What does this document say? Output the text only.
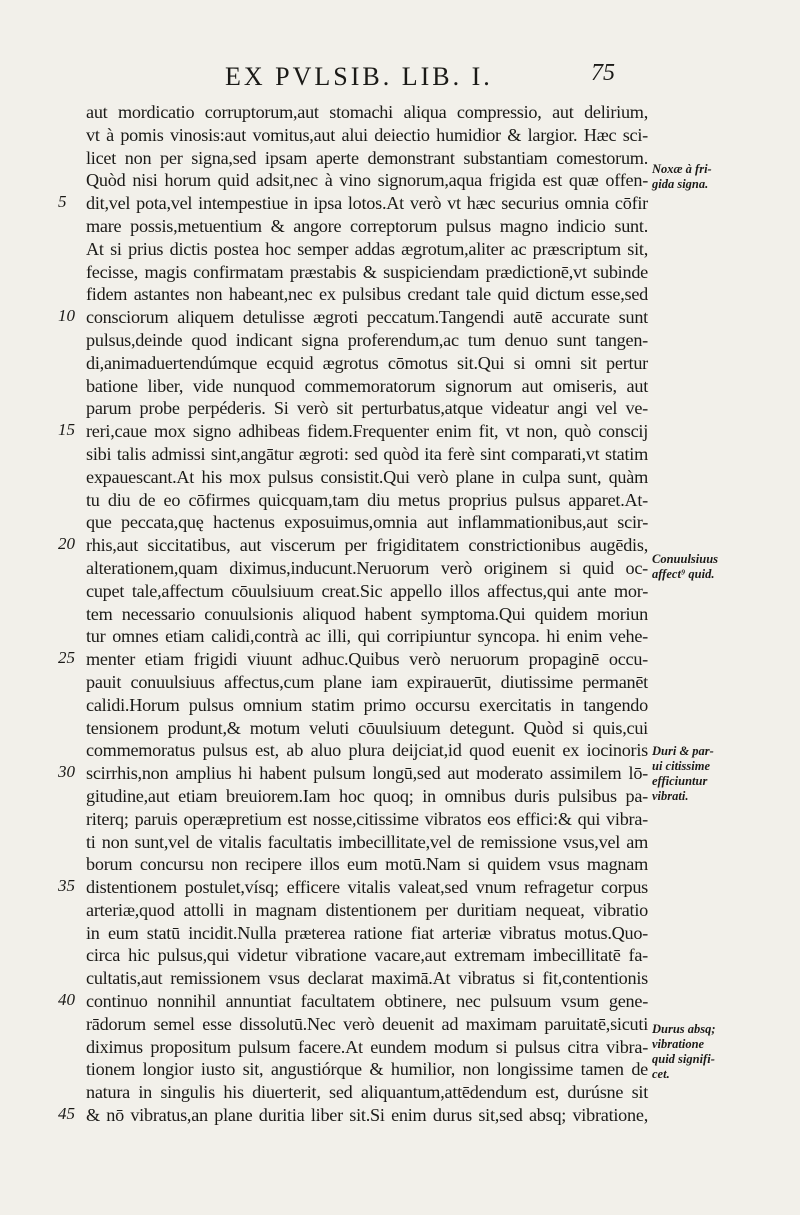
EX PVLSIB. LIB. I.	75
5
10
15
20
25
30
35
40
45
aut mordicatio corruptorum,aut stomachi aliqua compressio, aut delirium,
vt à pomis vinosis:aut vomitus,aut alui deiectio humidior & largior. Hæc sci-
licet non per signa,sed ipsam aperte demonstrant substantiam comestorum.
Quòd nisi horum quid adsit,nec à vino signorum,aqua frigida est quæ offen-
dit,vel pota,vel intempestiue in ipsa lotos.At verò vt hæc securius omnia cōfir
mare possis,metuentium & angore correptorum pulsus magno indicio sunt.
At si prius dictis postea hoc semper addas ægrotum,aliter ac præscriptum sit,
fecisse, magis confirmatam præstabis & suspiciendam prædictionē,vt subinde
fidem astantes non habeant,nec ex pulsibus credant tale quid dictum esse,sed
consciorum aliquem detulisse ægroti peccatum.Tangendi autē accurate sunt
pulsus,deinde quod indicant signa proferendum,ac tum denuo sunt tangen-
di,animaduertendúmque ecquid ægrotus cōmotus sit.Qui si omni sit pertur
batione liber, vide nunquod commemoratorum signorum aut omiseris, aut
parum probe perpéderis. Si verò sit perturbatus,atque videatur angi vel ve-
reri,caue mox signo adhibeas fidem.Frequenter enim fit, vt non, quò conscij
sibi talis admissi sint,angātur ægroti: sed quòd ita ferè sint comparati,vt statim
expauescant.At his mox pulsus consistit.Qui verò plane in culpa sunt, quàm
tu diu de eo cōfirmes quicquam,tam diu metus proprius pulsus apparet.At-
que peccata,quę hactenus exposuimus,omnia aut inflammationibus,aut scir-
rhis,aut siccitatibus, aut viscerum per frigiditatem constrictionibus augēdis,
alterationem,quam diximus,inducunt.Neruorum verò originem si quid oc-
cupet tale,affectum cōuulsiuum creat.Sic appello illos affectus,qui ante mor-
tem necessario conuulsionis aliquod habent symptoma.Qui quidem moriun
tur omnes etiam calidi,contrà ac illi, qui corripiuntur syncopa. hi enim vehe-
menter etiam frigidi viuunt adhuc.Quibus verò neruorum propaginē occu-
pauit conuulsiuus affectus,cum plane iam expirauerūt, diutissime permanēt
calidi.Horum pulsus omnium statim primo occursu exercitatis in tangendo
tensionem produnt,& motum veluti cōuulsiuum detegunt. Quòd si quis,cui
commemoratus pulsus est, ab aluo plura deijciat,id quod euenit ex iocinoris
scirrhis,non amplius hi habent pulsum longū,sed aut moderato assimilem lō-
gitudine,aut etiam breuiorem.Iam hoc quoq; in omnibus duris pulsibus pa-
riterq; paruis operæpretium est nosse,citissime vibratos eos effici:& qui vibra-
ti non sunt,vel de vitalis facultatis imbecillitate,vel de remissione vsus,vel am
borum concursu non recipere illos eum motū.Nam si quidem vsus magnam
distentionem postulet,vísq; efficere vitalis valeat,sed vnum refragetur corpus
arteriæ,quod attolli in magnam distentionem per duritiam nequeat, vibratio
in eum statū incidit.Nulla præterea ratione fiat arteriæ vibratus motus.Quo-
circa hic pulsus,qui videtur vibratione vacare,aut extremam imbecillitatē fa-
cultatis,aut remissionem vsus declarat maximā.At vibratus si fit,contentionis
continuo nonnihil annuntiat facultatem obtinere, nec pulsuum vsum gene-
rādorum semel esse dissolutū.Nec verò deuenit ad maximam paruitatē,sicuti
diximus propositum pulsum facere.At eundem modum si pulsus citra vibra-
tionem longior iusto sit, angustiórque & humilior, non longissime tamen de
natura in singulis his diuerterit, sed aliquantum,attēdendum est, durúsne sit
& nō vibratus,an plane duritia liber sit.Si enim durus sit,sed absq; vibratione,
Noxæ à fri-
gida signa.
Conuulsiuus
affect⁹ quid.
Duri & par-
ui citissime
efficiuntur
vibrati.
Durus absq;
vibratione
quid signifi-
cet.
